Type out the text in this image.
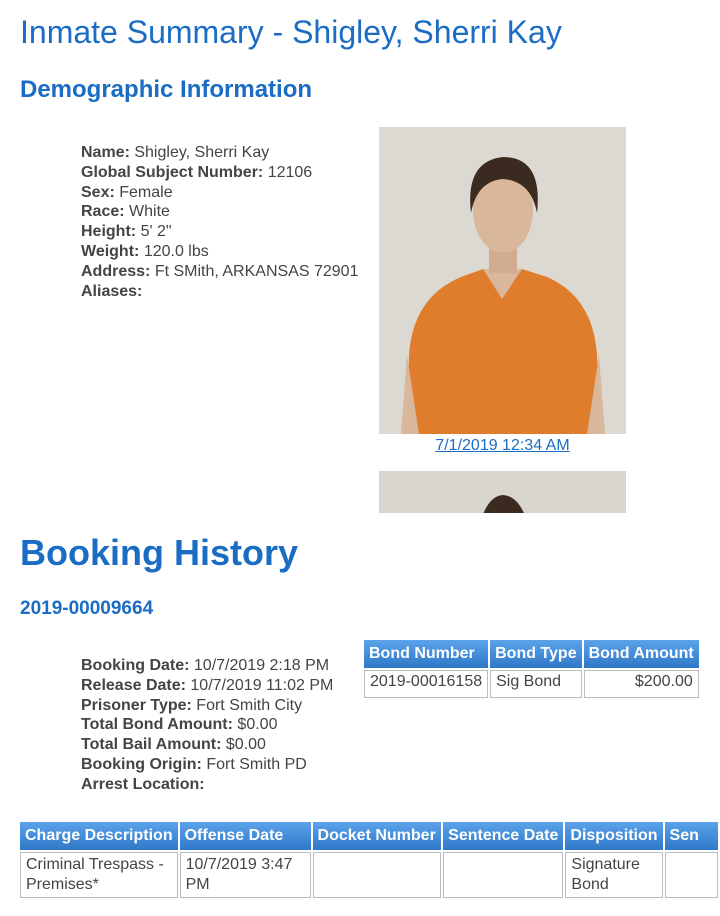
Inmate Summary - Shigley, Sherri Kay
Demographic Information
Name: Shigley, Sherri Kay
Global Subject Number: 12106
Sex: Female
Race: White
Height: 5' 2"
Weight: 120.0 lbs
Address: Ft SMith, ARKANSAS 72901
Aliases:
7/1/2019 12:34 AM
Booking History
2019-00009664
Booking Date: 10/7/2019 2:18 PM
Release Date: 10/7/2019 11:02 PM
Prisoner Type: Fort Smith City
Total Bond Amount: $0.00
Total Bail Amount: $0.00
Booking Origin: Fort Smith PD
Arrest Location:
Bond Number	Bond Type	Bond Amount
2019-00016158	Sig Bond	$200.00
Charge Description	Offense Date	Docket Number	Sentence Date	Disposition	Sen
Criminal Trespass - Premises*	10/7/2019 3:47 PM			Signature Bond	
